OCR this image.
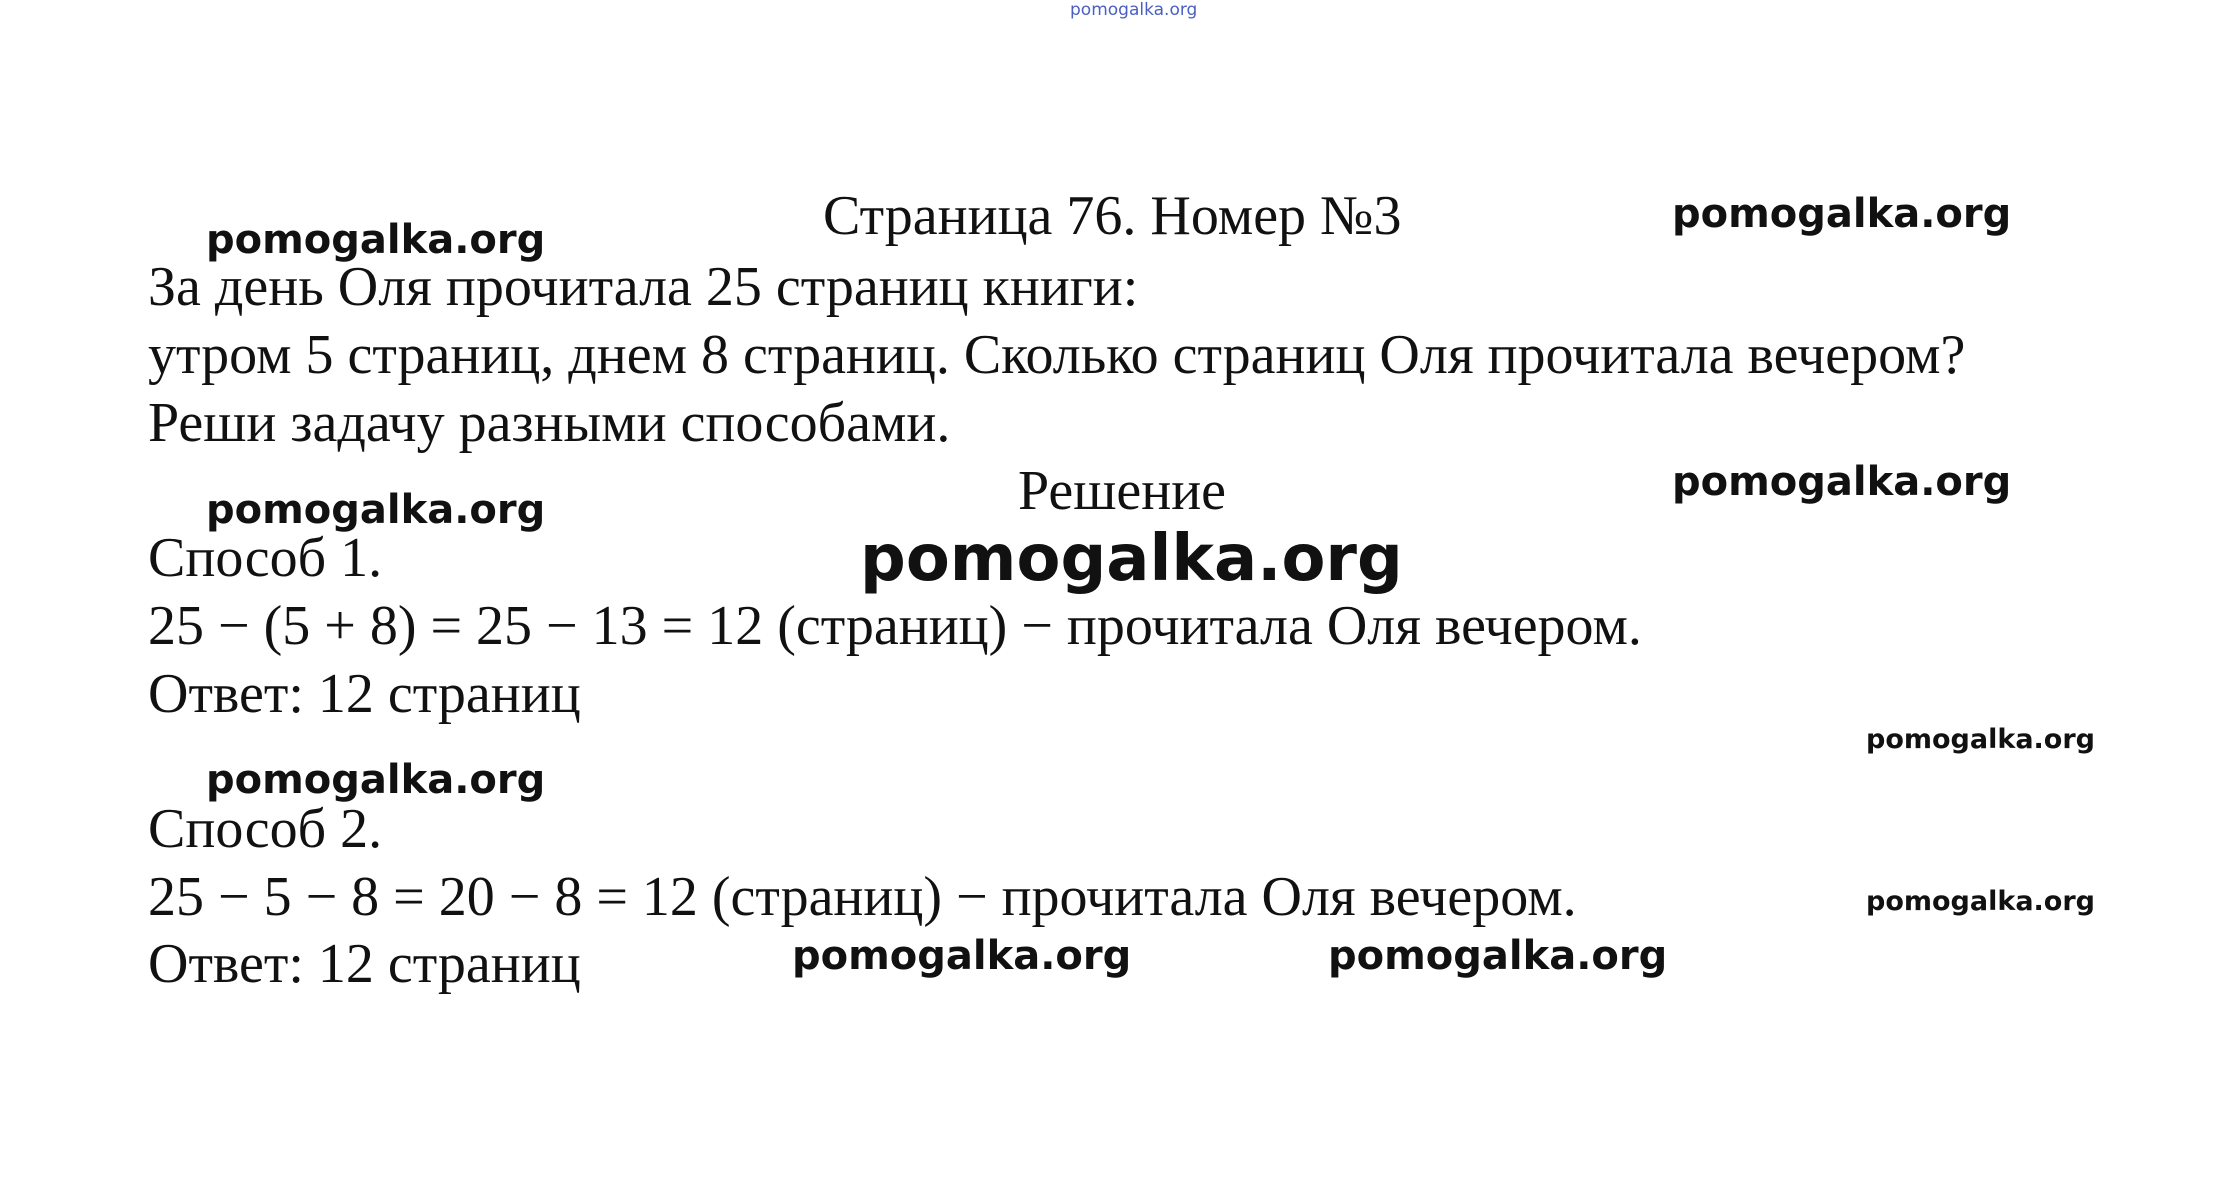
pomogalka.org
Страница 76. Номер №3
За день Оля прочитала 25 страниц книги:
утром 5 страниц, днем 8 страниц. Сколько страниц Оля прочитала вечером?
Реши задачу разными способами.
Решение
Способ 1.
25 − (5 + 8) = 25 − 13 = 12 (страниц) − прочитала Оля вечером.
Ответ: 12 страниц
Способ 2.
25 − 5 − 8 = 20 − 8 = 12 (страниц) − прочитала Оля вечером.
Ответ: 12 страниц
pomogalka.org
pomogalka.org
pomogalka.org
pomogalka.org
pomogalka.org
pomogalka.org
pomogalka.org
pomogalka.org
pomogalka.org	pomogalka.org
